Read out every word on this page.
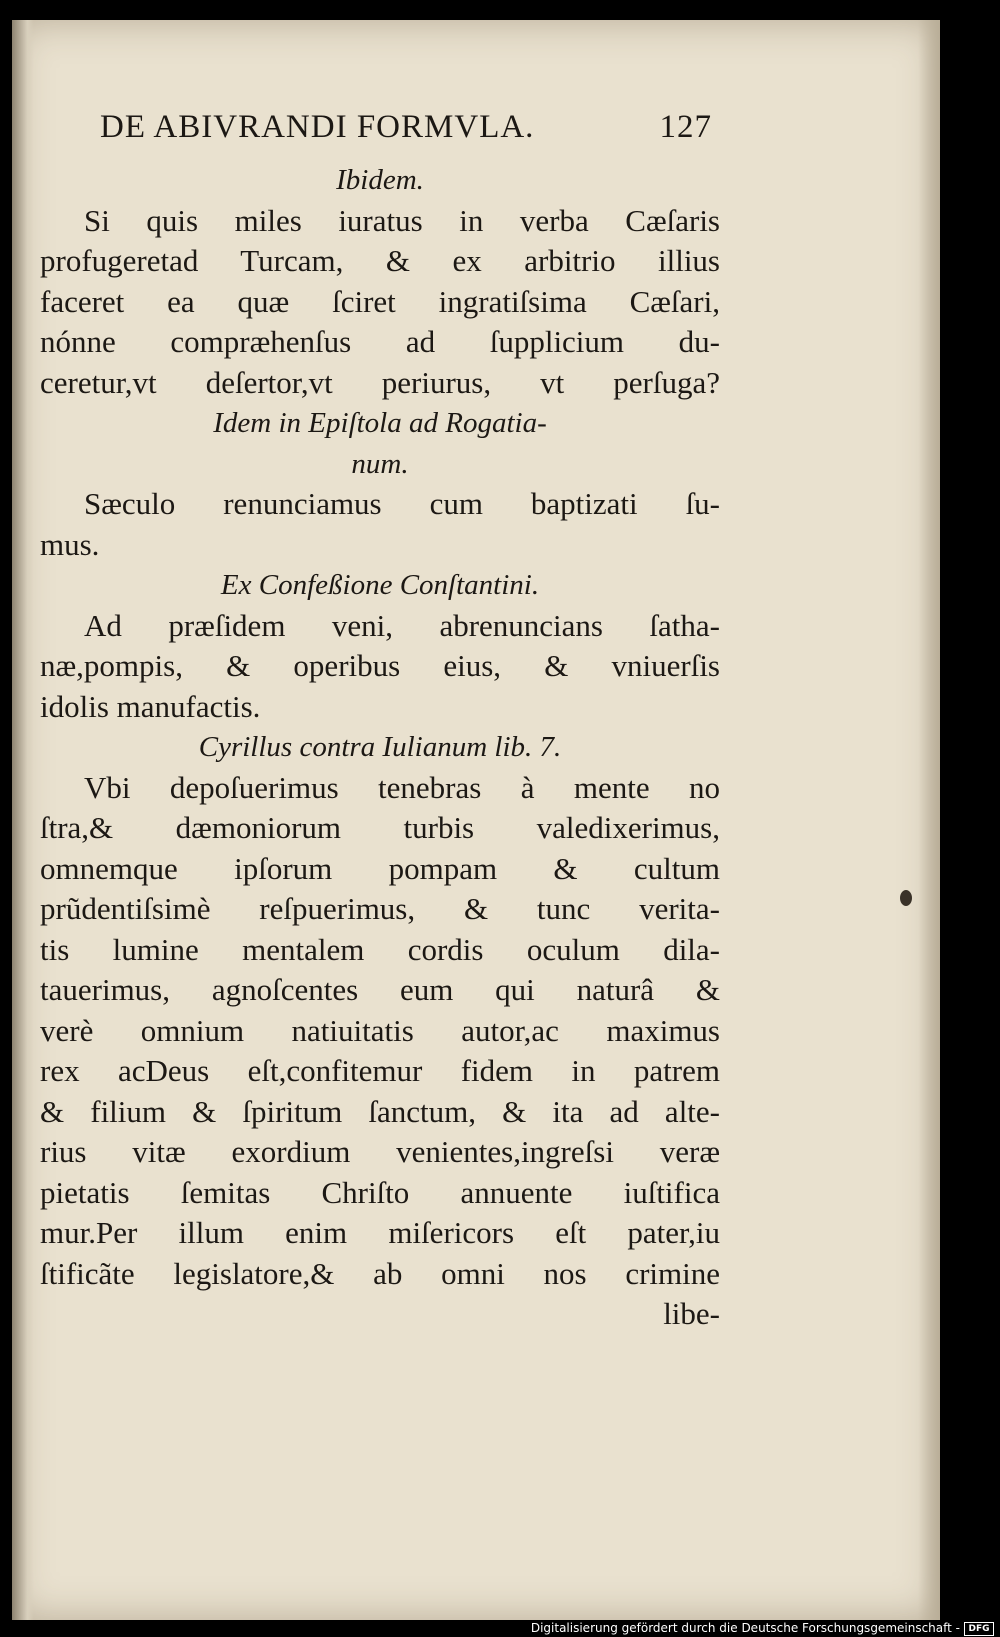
DE ABIVRANDI FORMVLA.	127
Ibidem.
Si quis miles iuratus in verba Cæſaris
profugeretad Turcam, & ex arbitrio illius
faceret ea quæ ſciret ingratiſsima Cæſari,
nónne compræhenſus ad ſupplicium du-
ceretur,vt deſertor,vt periurus, vt perſuga?
Idem in Epiſtola ad Rogatia-
num.
Sæculo renunciamus cum baptizati ſu-
mus.
Ex Confeßione Conſtantini.
Ad præſidem veni, abrenuncians ſatha-
næ,pompis, & operibus eius, & vniuerſis
idolis manufactis.
Cyrillus contra Iulianum lib. 7.
Vbi depoſuerimus tenebras à mente no
ſtra,& dæmoniorum turbis valedixerimus,
omnemque ipſorum pompam & cultum
prũdentiſsimè reſpuerimus, & tunc verita-
tis lumine mentalem cordis oculum dila-
tauerimus, agnoſcentes eum qui naturâ &
verè omnium natiuitatis autor,ac maximus
rex acDeus eſt,confitemur fidem in patrem
& filium & ſpiritum ſanctum, & ita ad alte-
rius vitæ exordium venientes,ingreſsi veræ
pietatis ſemitas Chriſto annuente iuſtifica
mur.Per illum enim miſericors eſt pater,iu
ſtificãte legislatore,& ab omni nos crimine
libe-
Digitalisierung gefördert durch die Deutsche Forschungsgemeinschaft - DFG
